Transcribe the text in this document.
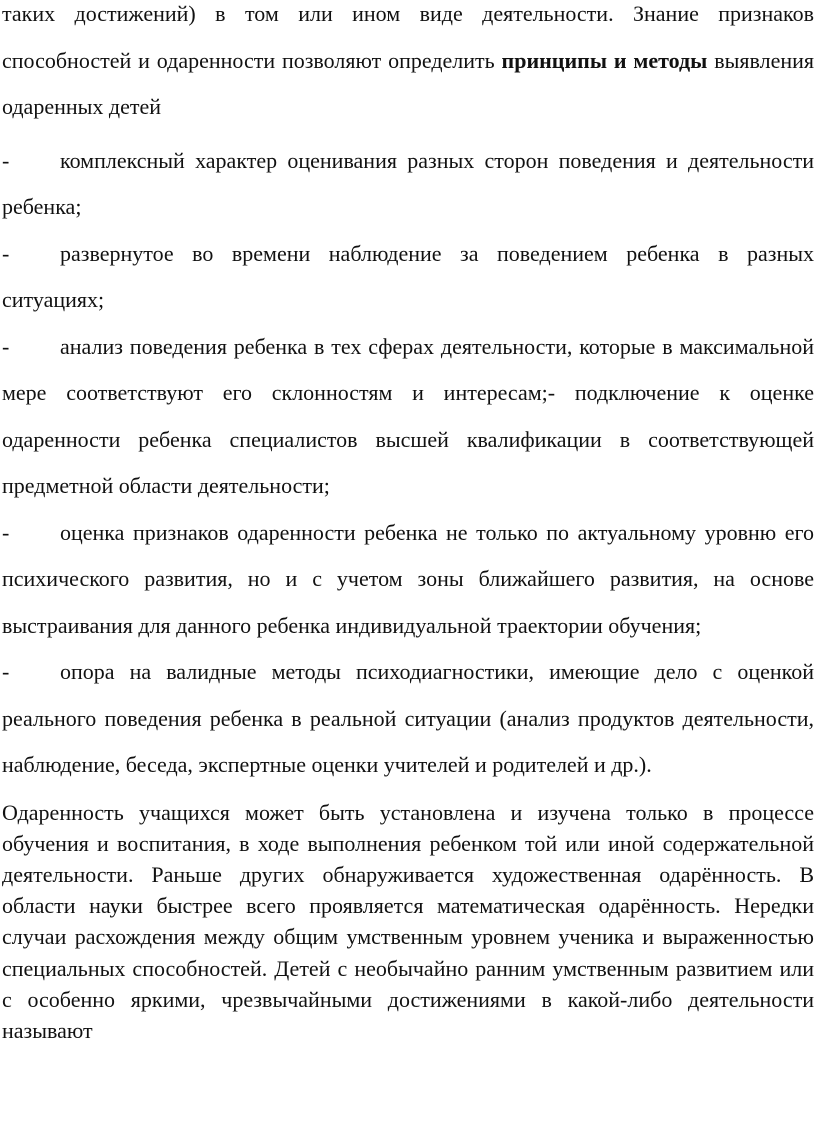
таких достижений) в том или ином виде деятельности. Знание признаков способностей и одаренности позволяют определить принципы и методы выявления одаренных детей

- комплексный характер оценивания разных сторон поведения и деятельности ребенка;

- развернутое во времени наблюдение за поведением ребенка в разных ситуациях;

- анализ поведения ребенка в тех сферах деятельности, которые в максимальной мере соответствуют его склонностям и интересам;- подключение к оценке одаренности ребенка специалистов высшей квалификации в соответствующей предметной области деятельности;

- оценка признаков одаренности ребенка не только по актуальному уровню его психического развития, но и с учетом зоны ближайшего развития, на основе выстраивания для данного ребенка индивидуальной траектории обучения;

- опора на валидные методы психодиагностики, имеющие дело с оценкой реального поведения ребенка в реальной ситуации (анализ продуктов деятельности, наблюдение, беседа, экспертные оценки учителей и родителей и др.).

Одаренность учащихся может быть установлена и изучена только в процессе обучения и воспитания, в ходе выполнения ребенком той или иной содержательной деятельности. Раньше других обнаруживается художественная одарённость. В области науки быстрее всего проявляется математическая одарённость. Нередки случаи расхождения между общим умственным уровнем ученика и выраженностью специальных способностей. Детей с необычайно ранним умственным развитием или с особенно яркими, чрезвычайными достижениями в какой-либо деятельности называют
